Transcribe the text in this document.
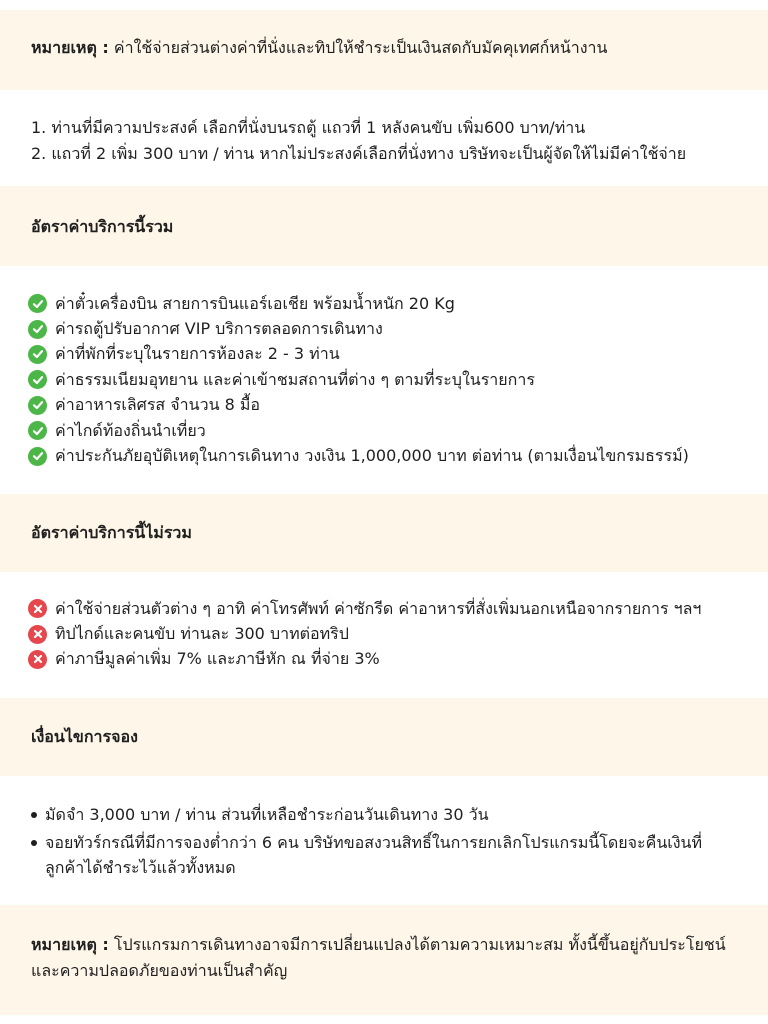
หมายเหตุ : ค่าใช้จ่ายส่วนต่างค่าที่นั่งและทิปให้ชำระเป็นเงินสดกับมัคคุเทศก์หน้างาน
1. ท่านที่มีความประสงค์ เลือกที่นั่งบนรถตู้ แถวที่ 1 หลังคนขับ เพิ่ม600 บาท/ท่าน
2. แถวที่ 2 เพิ่ม 300 บาท / ท่าน หากไม่ประสงค์เลือกที่นั่งทาง บริษัทจะเป็นผู้จัดให้ไม่มีค่าใช้จ่าย
อัตราค่าบริการนี้รวม
ค่าตั๋วเครื่องบิน สายการบินแอร์เอเชีย พร้อมน้ำหนัก 20 Kg
ค่ารถตู้ปรับอากาศ VIP บริการตลอดการเดินทาง
ค่าที่พักที่ระบุในรายการห้องละ 2 - 3 ท่าน
ค่าธรรมเนียมอุทยาน และค่าเข้าชมสถานที่ต่าง ๆ ตามที่ระบุในรายการ
ค่าอาหารเลิศรส จำนวน 8 มื้อ
ค่าไกด์ท้องถิ่นนำเที่ยว
ค่าประกันภัยอุบัติเหตุในการเดินทาง วงเงิน 1,000,000 บาท ต่อท่าน (ตามเงื่อนไขกรมธรรม์)
อัตราค่าบริการนี้ไม่รวม
ค่าใช้จ่ายส่วนตัวต่าง ๆ อาทิ ค่าโทรศัพท์ ค่าซักรีด ค่าอาหารที่สั่งเพิ่มนอกเหนือจากรายการ ฯลฯ
ทิปไกด์และคนขับ ท่านละ 300 บาทต่อทริป
ค่าภาษีมูลค่าเพิ่ม 7% และภาษีหัก ณ ที่จ่าย 3%
เงื่อนไขการจอง
มัดจำ 3,000 บาท / ท่าน ส่วนที่เหลือชำระก่อนวันเดินทาง 30 วัน
จอยทัวร์กรณีที่มีการจองต่ำกว่า 6 คน บริษัทขอสงวนสิทธิ์ในการยกเลิกโปรแกรมนี้โดยจะคืนเงินที่ลูกค้าได้ชำระไว้แล้วทั้งหมด
หมายเหตุ : โปรแกรมการเดินทางอาจมีการเปลี่ยนแปลงได้ตามความเหมาะสม ทั้งนี้ขึ้นอยู่กับประโยชน์และความปลอดภัยของท่านเป็นสำคัญ
